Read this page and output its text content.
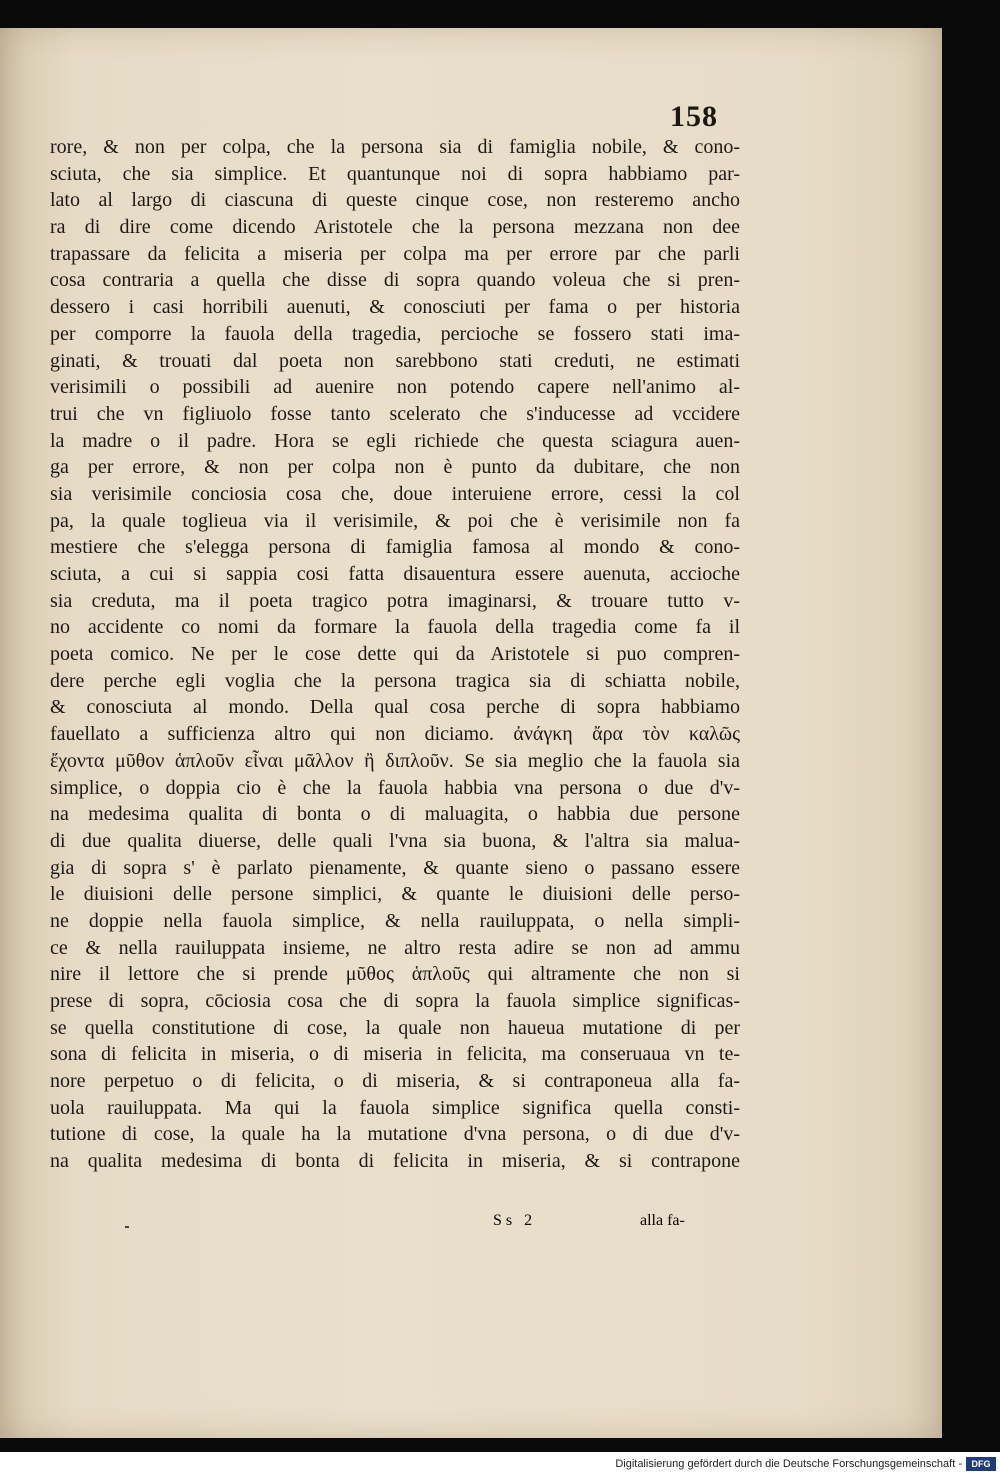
158
rore, & non per colpa, che la persona sia di famiglia nobile, & cono-
sciuta, che sia simplice. Et quantunque noi di sopra habbiamo par-
lato al largo di ciascuna di queste cinque cose, non resteremo ancho
ra di dire come dicendo Aristotele che la persona mezzana non dee
trapassare da felicita a miseria per colpa ma per errore par che parli
cosa contraria a quella che disse di sopra quando voleua che si pren-
dessero i casi horribili auenuti, & conosciuti per fama o per historia
per comporre la fauola della tragedia, percioche se fossero stati ima-
ginati, & trouati dal poeta non sarebbono stati creduti, ne estimati
verisimili o possibili ad auenire non potendo capere nell'animo al-
trui che vn figliuolo fosse tanto scelerato che s'inducesse ad vccidere
la madre o il padre. Hora se egli richiede che questa sciagura auen-
ga per errore, & non per colpa non è punto da dubitare, che non
sia verisimile conciosia cosa che, doue interuiene errore, cessi la col
pa, la quale toglieua via il verisimile, & poi che è verisimile non fa
mestiere che s'elegga persona di famiglia famosa al mondo & cono-
sciuta, a cui si sappia cosi fatta disauentura essere auenuta, accioche
sia creduta, ma il poeta tragico potra imaginarsi, & trouare tutto v-
no accidente co nomi da formare la fauola della tragedia come fa il
poeta comico. Ne per le cose dette qui da Aristotele si puo compren-
dere perche egli voglia che la persona tragica sia di schiatta nobile,
& conosciuta al mondo. Della qual cosa perche di sopra habbiamo
fauellato a sufficienza altro qui non diciamo. ἀνάγκη ἄρα τὸν καλῶς
ἔχοντα μῦθον ἁπλοῦν εἶναι μᾶλλον ἢ διπλοῦν. Se sia meglio che la fauola sia
simplice, o doppia cio è che la fauola habbia vna persona o due d'v-
na medesima qualita di bonta o di maluagita, o habbia due persone
di due qualita diuerse, delle quali l'vna sia buona, & l'altra sia malua-
gia di sopra s' è parlato pienamente, & quante sieno o passano essere
le diuisioni delle persone simplici, & quante le diuisioni delle perso-
ne doppie nella fauola simplice, & nella rauiluppata, o nella simpli-
ce & nella rauiluppata insieme, ne altro resta adire se non ad ammu
nire il lettore che si prende μῦθος ἁπλοῦς qui altramente che non si
prese di sopra, cōciosia cosa che di sopra la fauola simplice significas-
se quella constitutione di cose, la quale non haueua mutatione di per
sona di felicita in miseria, o di miseria in felicita, ma conseruaua vn te-
nore perpetuo o di felicita, o di miseria, & si contraponeua alla fa-
uola rauiluppata. Ma qui la fauola simplice significa quella consti-
tutione di cose, la quale ha la mutatione d'vna persona, o di due d'v-
na qualita medesima di bonta di felicita in miseria, & si contrapone
Ss 2	alla fa-
Digitalisierung gefördert durch die Deutsche Forschungsgemeinschaft -	DFG
